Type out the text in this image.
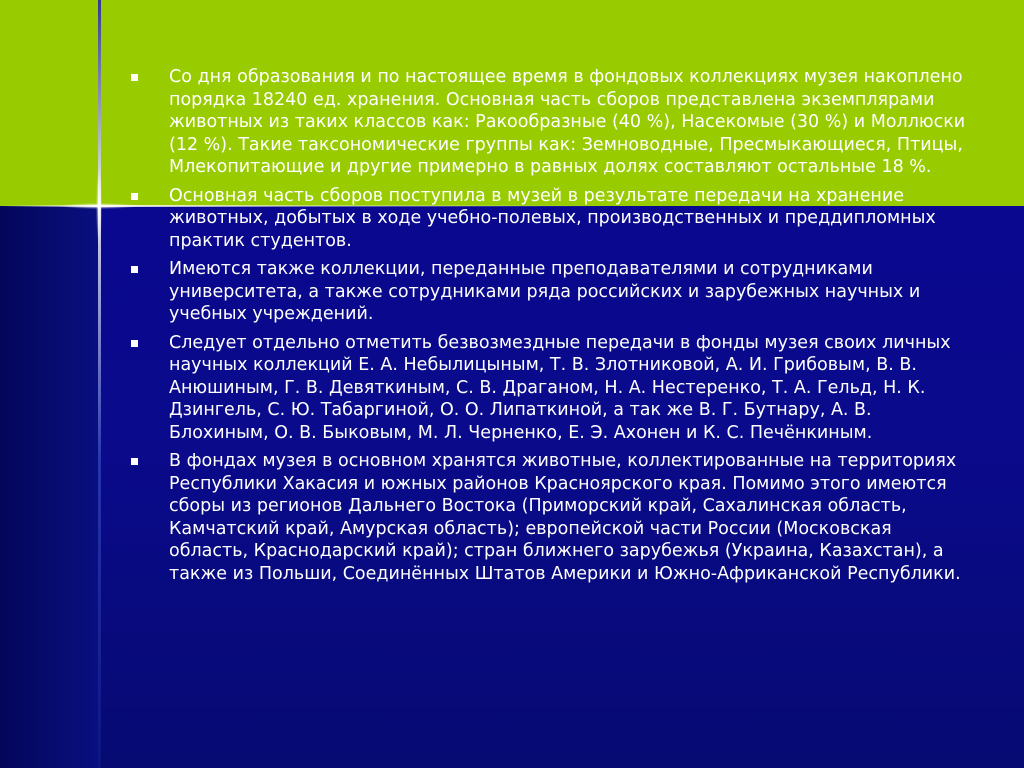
Со дня образования и по настоящее время в фондовых коллекциях музея накоплено порядка 18240 ед. хранения. Основная часть сборов представлена экземплярами животных из таких классов как: Ракообразные (40 %), Насекомые (30 %) и Моллюски (12 %). Такие таксономические группы как: Земноводные, Пресмыкающиеся, Птицы, Млекопитающие и другие примерно в равных долях составляют остальные 18 %.
Основная часть сборов поступила в музей в результате передачи на хранение животных, добытых в ходе учебно-полевых, производственных и преддипломных практик студентов.
Имеются также коллекции, переданные преподавателями и сотрудниками университета, а также сотрудниками ряда российских и зарубежных научных и учебных учреждений.
Следует отдельно отметить безвозмездные передачи в фонды музея своих личных научных коллекций Е. А. Небылицыным, Т. В. Злотниковой, А. И. Грибовым, В. В. Анюшиным, Г. В. Девяткиным, С. В. Драганом, Н. А. Нестеренко, Т. А. Гельд, Н. К. Дзингель, С. Ю. Табаргиной, О. О. Липаткиной, а так же В. Г. Бутнару, А. В. Блохиным, О. В. Быковым, М. Л. Черненко, Е. Э. Ахонен и К. С. Печёнкиным.
В фондах музея в основном хранятся животные, коллектированные на территориях Республики Хакасия и южных районов Красноярского края. Помимо этого имеются сборы из регионов Дальнего Востока (Приморский край, Сахалинская область, Камчатский край, Амурская область); европейской части России (Московская область, Краснодарский край); стран ближнего зарубежья (Украина, Казахстан), а также из Польши, Соединённых Штатов Америки и Южно-Африканской Республики.
